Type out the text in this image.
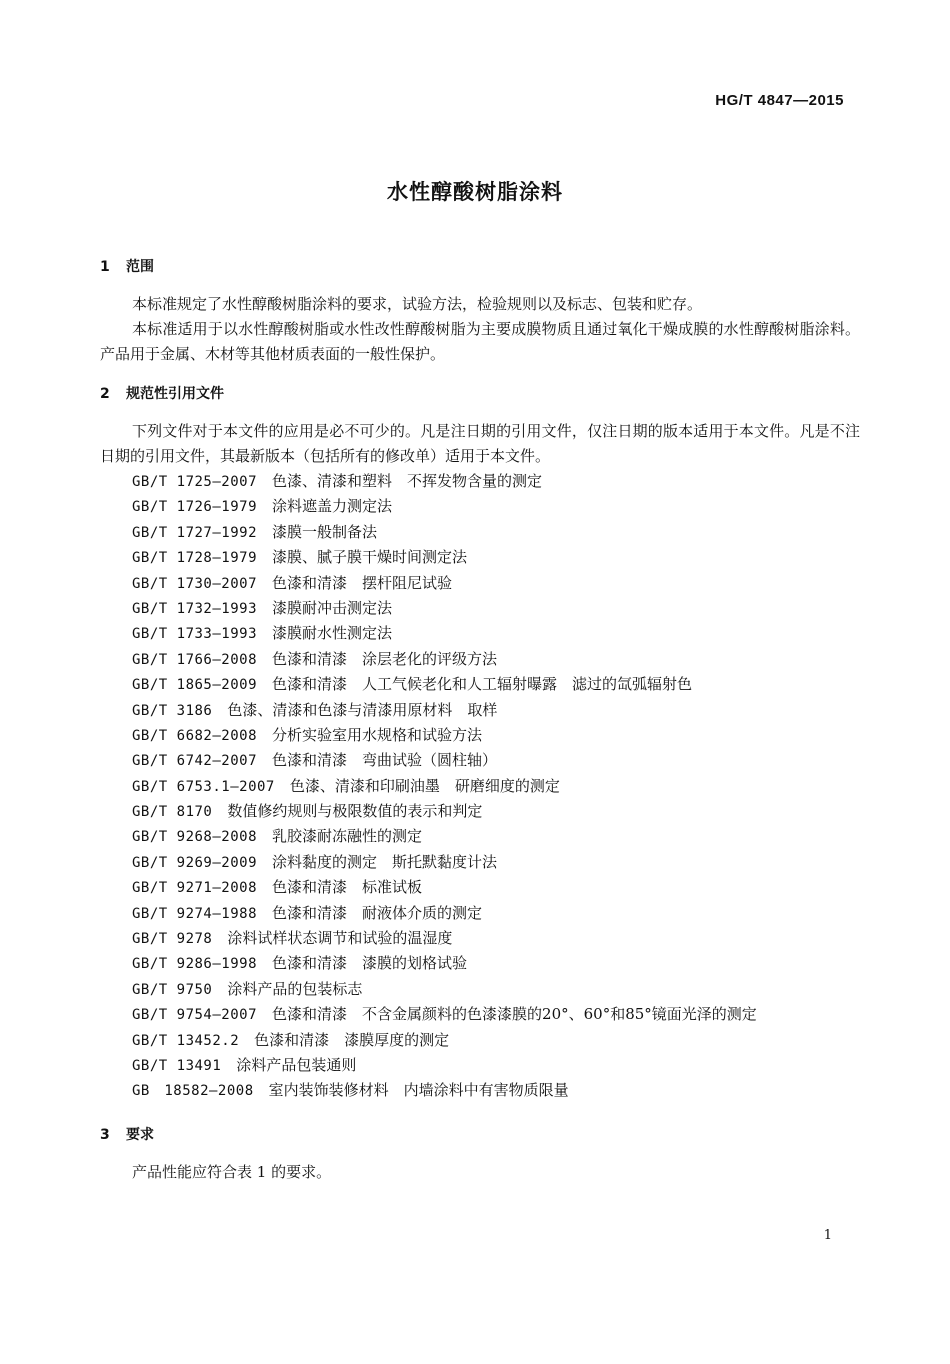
HG/T 4847—2015
水性醇酸树脂涂料
1 范围

本标准规定了水性醇酸树脂涂料的要求，试验方法，检验规则以及标志、包装和贮存。

本标准适用于以水性醇酸树脂或水性改性醇酸树脂为主要成膜物质且通过氧化干燥成膜的水性醇酸树脂涂料。产品用于金属、木材等其他材质表面的一般性保护。

2 规范性引用文件

下列文件对于本文件的应用是必不可少的。凡是注日期的引用文件，仅注日期的版本适用于本文件。凡是不注日期的引用文件，其最新版本（包括所有的修改单）适用于本文件。

GB/T 1725—2007　 色漆、清漆和塑料　不挥发物含量的测定
GB/T 1726—1979　 涂料遮盖力测定法
GB/T 1727—1992　 漆膜一般制备法
GB/T 1728—1979　 漆膜、腻子膜干燥时间测定法
GB/T 1730—2007　 色漆和清漆　摆杆阻尼试验
GB/T 1732—1993　 漆膜耐冲击测定法
GB/T 1733—1993　 漆膜耐水性测定法
GB/T 1766—2008　 色漆和清漆　涂层老化的评级方法
GB/T 1865—2009　 色漆和清漆　人工气候老化和人工辐射曝露　滤过的氙弧辐射色
GB/T 3186　 色漆、清漆和色漆与清漆用原材料　取样
GB/T 6682—2008　 分析实验室用水规格和试验方法
GB/T 6742—2007　 色漆和清漆　弯曲试验（圆柱轴）
GB/T 6753.1—2007　 色漆、清漆和印刷油墨　研磨细度的测定
GB/T 8170　 数值修约规则与极限数值的表示和判定
GB/T 9268—2008　 乳胶漆耐冻融性的测定
GB/T 9269—2009　 涂料黏度的测定　斯托默黏度计法
GB/T 9271—2008　 色漆和清漆　标准试板
GB/T 9274—1988　 色漆和清漆　耐液体介质的测定
GB/T 9278　 涂料试样状态调节和试验的温湿度
GB/T 9286—1998　 色漆和清漆　漆膜的划格试验
GB/T 9750　 涂料产品的包装标志
GB/T 9754—2007　 色漆和清漆　不含金属颜料的色漆漆膜的20°、60°和85°镜面光泽的测定
GB/T 13452.2　 色漆和清漆　漆膜厚度的测定
GB/T 13491　 涂料产品包装通则
GB　18582—2008　 室内装饰装修材料　内墙涂料中有害物质限量
3 要求

产品性能应符合表 1 的要求。

1
